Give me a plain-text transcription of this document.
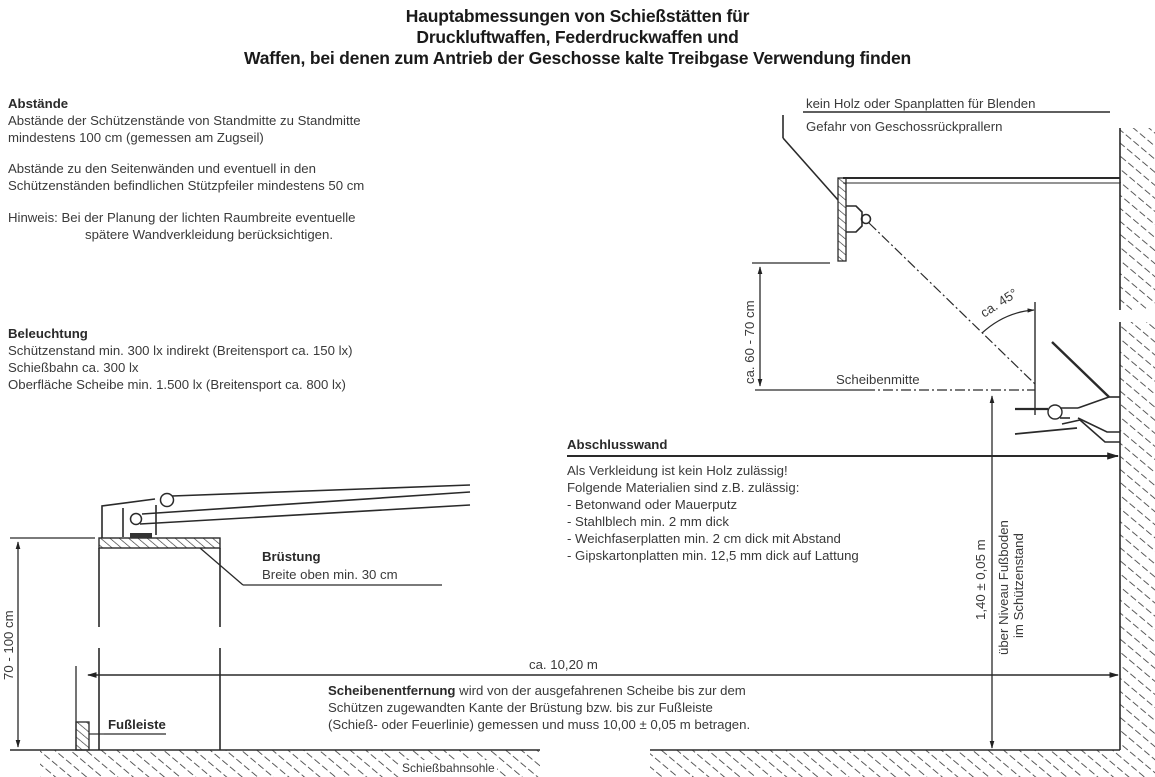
Hauptabmessungen von Schießstätten für
Druckluftwaffen, Federdruckwaffen und
Waffen, bei denen zum Antrieb der Geschosse kalte Treibgase Verwendung finden
Abstände
Abstände der Schützenstände von Standmitte zu Standmitte
mindestens 100 cm (gemessen am Zugseil)
Abstände zu den Seitenwänden und eventuell in den
Schützenständen befindlichen Stützpfeiler mindestens 50 cm
Hinweis: Bei der Planung der lichten Raumbreite eventuelle
spätere Wandverkleidung berücksichtigen.
Beleuchtung
Schützenstand min. 300 lx indirekt (Breitensport ca. 150 lx)
Schießbahn ca. 300 lx
Oberfläche Scheibe min. 1.500 lx (Breitensport ca. 800 lx)
kein Holz oder Spanplatten für Blenden
Gefahr von Geschossrückprallern
ca. 60 - 70 cm	ca. 45°
Scheibenmitte
Abschlusswand
Als Verkleidung ist kein Holz zulässig!
Folgende Materialien sind z.B. zulässig:
- Betonwand oder Mauerputz
- Stahlblech min. 2 mm dick
- Weichfaserplatten min. 2 cm dick mit Abstand
- Gipskartonplatten min. 12,5 mm dick auf Lattung	1,40 ± 0,05 m über Niveau Fußboden im Schützenstand
Brüstung
Breite oben min. 30 cm
70 - 100 cm	ca. 10,20 m
Scheibenentfernung wird von der ausgefahrenen Scheibe bis zur dem
Schützen zugewandten Kante der Brüstung bzw. bis zur Fußleiste
(Schieß- oder Feuerlinie) gemessen und muss 10,00 ± 0,05 m betragen.
Fußleiste
Schießbahnsohle
